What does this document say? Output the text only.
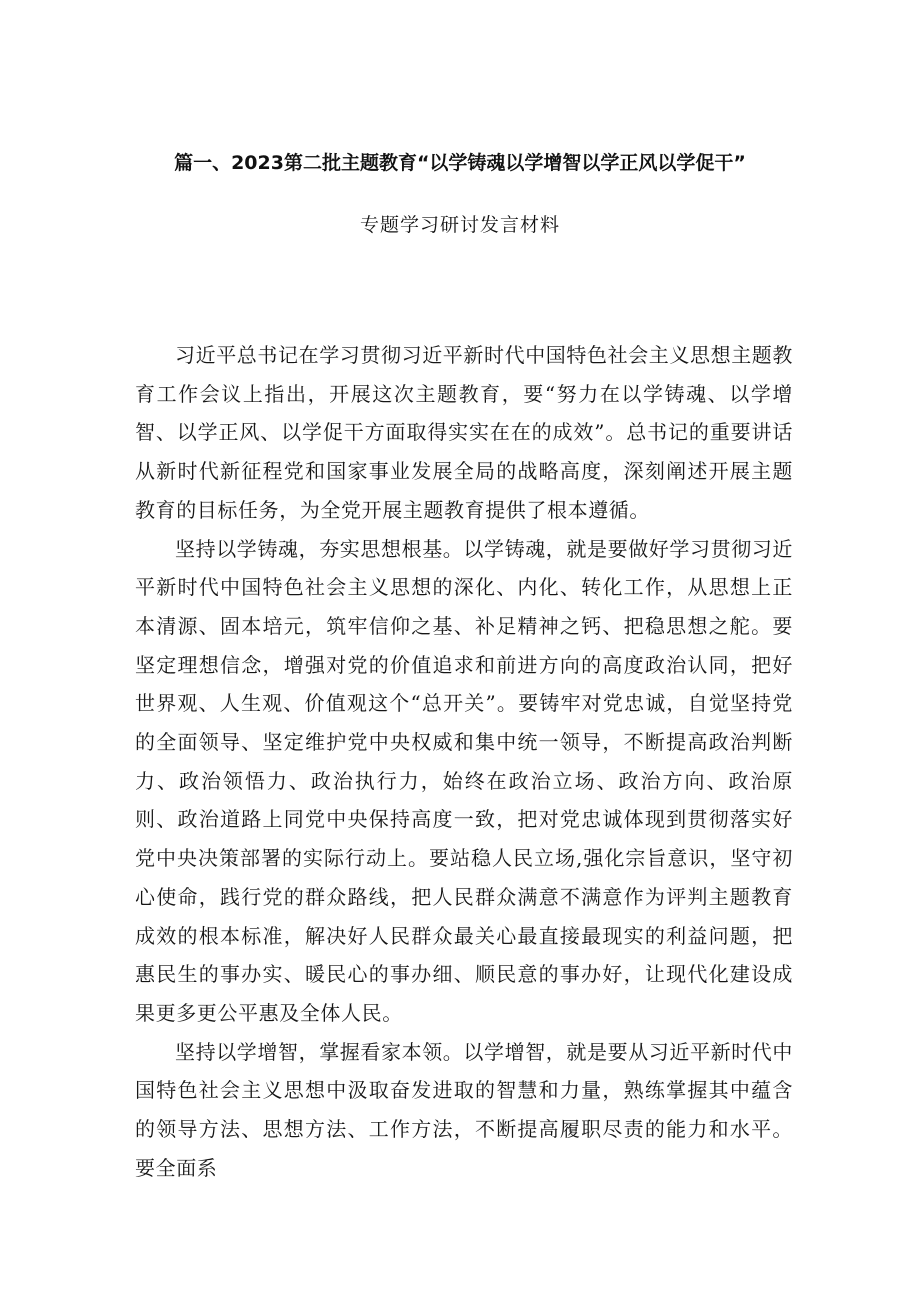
篇一、2023第二批主题教育“以学铸魂以学增智以学正风以学促干”
专题学习研讨发言材料

习近平总书记在学习贯彻习近平新时代中国特色社会主义思想主题教育工作会议上指出，开展这次主题教育，要“努力在以学铸魂、以学增智、以学正风、以学促干方面取得实实在在的成效”。总书记的重要讲话从新时代新征程党和国家事业发展全局的战略高度，深刻阐述开展主题教育的目标任务，为全党开展主题教育提供了根本遵循。

坚持以学铸魂，夯实思想根基。以学铸魂，就是要做好学习贯彻习近平新时代中国特色社会主义思想的深化、内化、转化工作，从思想上正本清源、固本培元，筑牢信仰之基、补足精神之钙、把稳思想之舵。要坚定理想信念，增强对党的价值追求和前进方向的高度政治认同，把好世界观、人生观、价值观这个“总开关”。要铸牢对党忠诚，自觉坚持党的全面领导、坚定维护党中央权威和集中统一领导，不断提高政治判断力、政治领悟力、政治执行力，始终在政治立场、政治方向、政治原则、政治道路上同党中央保持高度一致，把对党忠诚体现到贯彻落实好党中央决策部署的实际行动上。要站稳人民立场,强化宗旨意识，坚守初心使命，践行党的群众路线，把人民群众满意不满意作为评判主题教育成效的根本标准，解决好人民群众最关心最直接最现实的利益问题，把惠民生的事办实、暖民心的事办细、顺民意的事办好，让现代化建设成果更多更公平惠及全体人民。

坚持以学增智，掌握看家本领。以学增智，就是要从习近平新时代中国特色社会主义思想中汲取奋发进取的智慧和力量，熟练掌握其中蕴含的领导方法、思想方法、工作方法，不断提高履职尽责的能力和水平。要全面系
